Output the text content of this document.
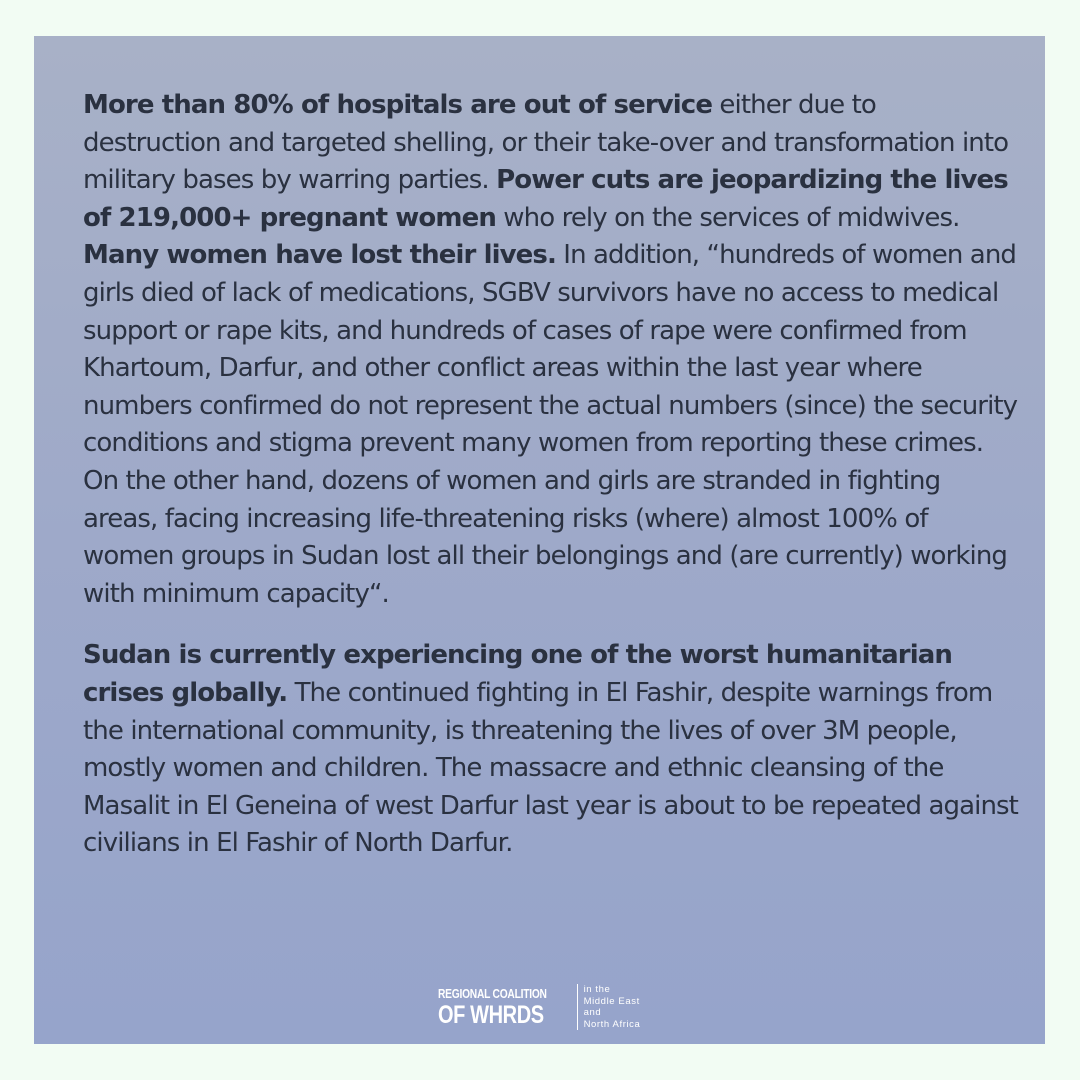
More than 80% of hospitals are out of service either due to destruction and targeted shelling, or their take-over and transformation into military bases by warring parties. Power cuts are jeopardizing the lives of 219,000+ pregnant women who rely on the services of midwives.  Many women have lost their lives. In addition, “hundreds of women and girls died of lack of medications, SGBV survivors have no access to medical support or rape kits, and hundreds of cases of rape were confirmed from Khartoum, Darfur, and other conflict areas within the last year where numbers confirmed do not represent the actual numbers (since) the security conditions and stigma prevent many women from reporting these crimes. On the other hand, dozens of women and girls are stranded in fighting areas, facing increasing life-threatening risks (where) almost 100% of women groups in Sudan lost all their belongings and (are currently) working with minimum capacity“.

Sudan is currently experiencing one of the worst humanitarian crises globally. The continued fighting in El Fashir, despite warnings from the international community, is threatening the lives of over 3M people, mostly women and children. The massacre and ethnic cleansing of the Masalit in El Geneina of west Darfur last year is about to be repeated against civilians in El Fashir of North Darfur.

REGIONAL COALITION
OF WHRDS
in the
Middle East
and
North Africa
